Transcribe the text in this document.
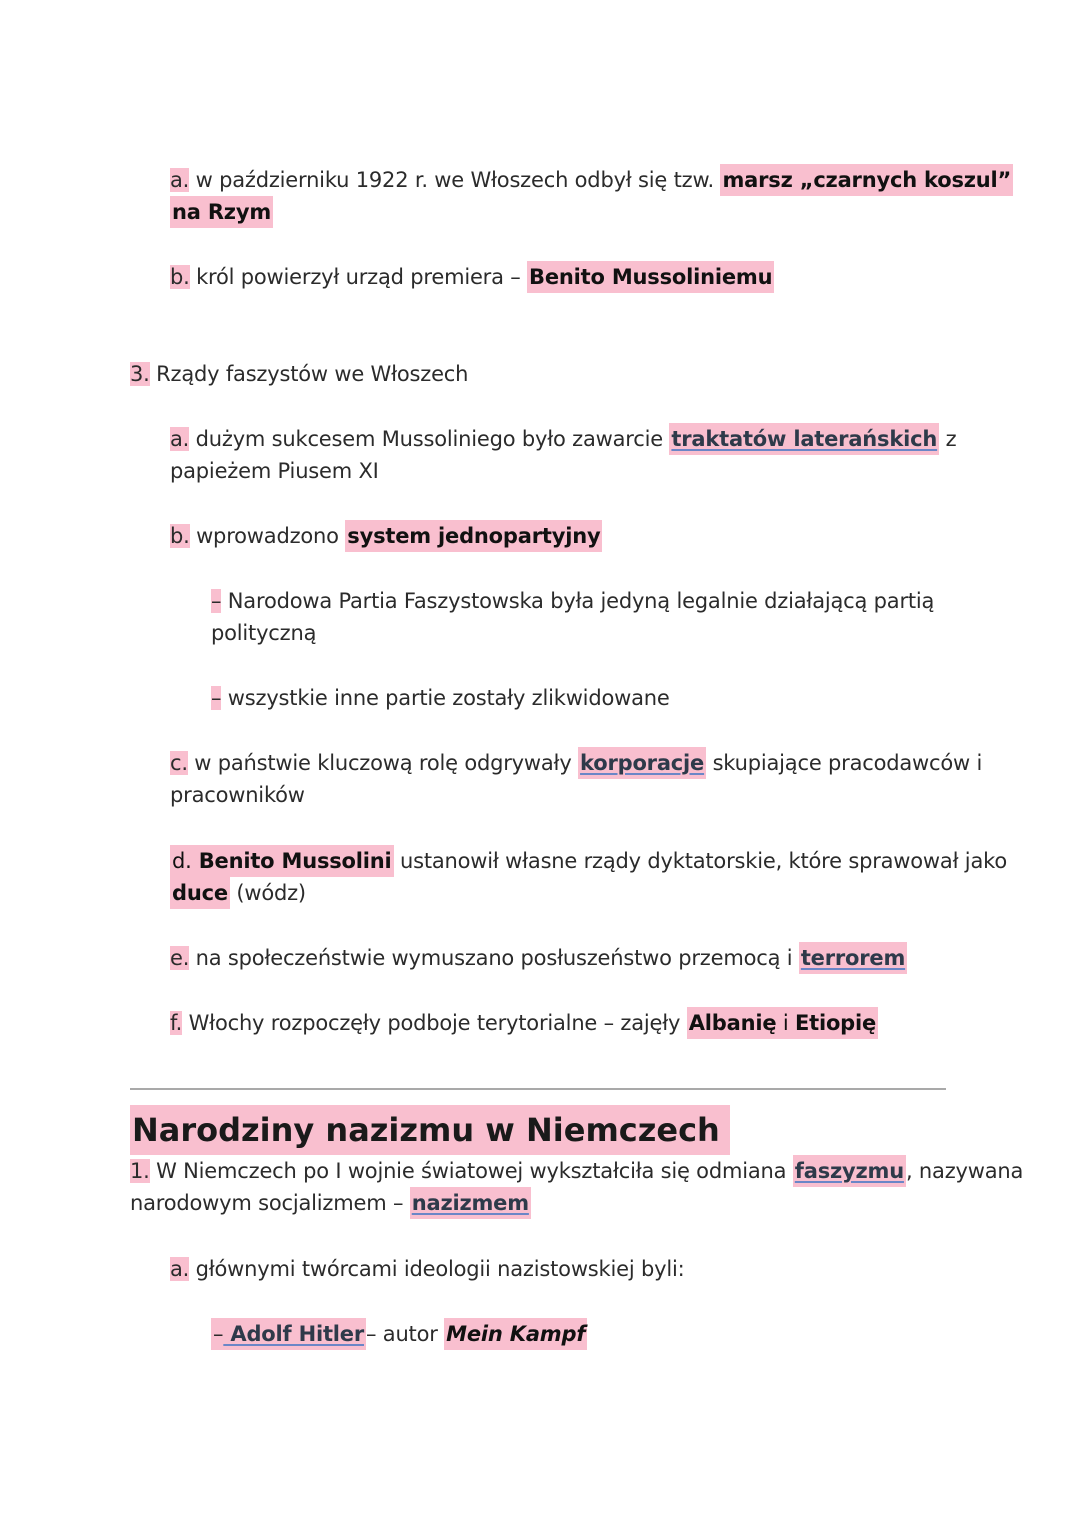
a. w październiku 1922 r. we Włoszech odbył się tzw. marsz „czarnych koszul”
na Rzym
b. król powierzył urząd premiera – Benito Mussoliniemu
3. Rządy faszystów we Włoszech
a. dużym sukcesem Mussoliniego było zawarcie traktatów laterańskich z
papieżem Piusem XI
b. wprowadzono system jednopartyjny
– Narodowa Partia Faszystowska była jedyną legalnie działającą partią
polityczną
– wszystkie inne partie zostały zlikwidowane
c. w państwie kluczową rolę odgrywały korporacje skupiające pracodawców i
pracowników
d. Benito Mussolini ustanowił własne rządy dyktatorskie, które sprawował jako
duce (wódz)
e. na społeczeństwie wymuszano posłuszeństwo przemocą i terrorem
f. Włochy rozpoczęły podboje terytorialne – zajęły Albanię i Etiopię
Narodziny nazizmu w Niemczech
1. W Niemczech po I wojnie światowej wykształciła się odmiana faszyzmu, nazywana
narodowym socjalizmem – nazizmem
a. głównymi twórcami ideologii nazistowskiej byli:
– Adolf Hitler– autor Mein Kampf
